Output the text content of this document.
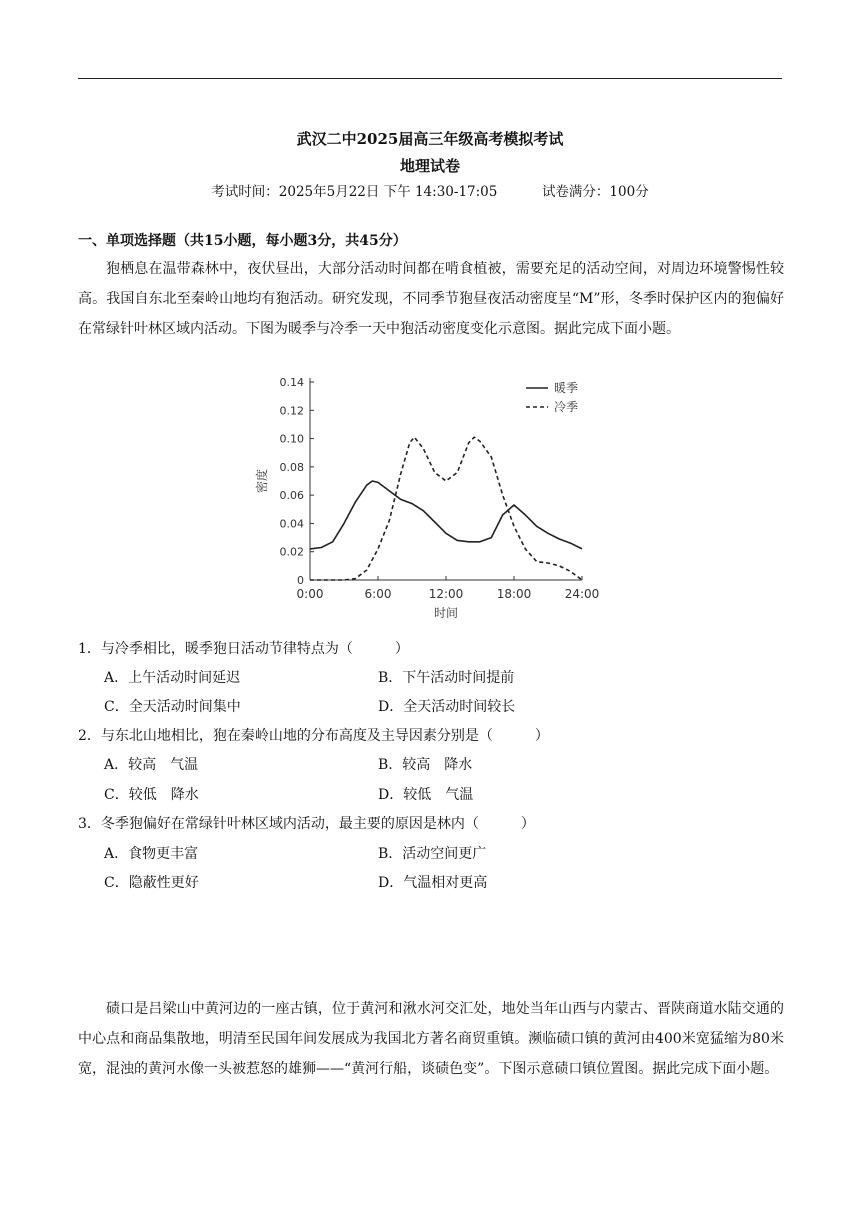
武汉二中2025届高三年级高考模拟考试
地理试卷
考试时间：2025年5月22日 下午 14:30-17:05	试卷满分：100分
一、单项选择题（共15小题，每小题3分，共45分）

狍栖息在温带森林中，夜伏昼出，大部分活动时间都在啃食植被，需要充足的活动空间，对周边环境警惕性较高。我国自东北至秦岭山地均有狍活动。研究发现，不同季节狍昼夜活动密度呈“M”形，冬季时保护区内的狍偏好在常绿针叶林区域内活动。下图为暖季与冷季一天中狍活动密度变化示意图。据此完成下面小题。

0
0.02
0.04
0.06
0.08
0.10
0.12
0.14
0:00	6:00	12:00	18:00	24:00
时间
密度
暖季
冷季
1．与冷季相比，暖季狍日活动节律特点为（　　　）
A．上午活动时间延迟	B．下午活动时间提前
C．全天活动时间集中	D．全天活动时间较长
2．与东北山地相比，狍在秦岭山地的分布高度及主导因素分别是（　　　）
A．较高　气温	B．较高　降水
C．较低　降水	D．较低　气温
3．冬季狍偏好在常绿针叶林区域内活动，最主要的原因是林内（　　　）
A．食物更丰富	B．活动空间更广
C．隐蔽性更好	D．气温相对更高

碛口是吕梁山中黄河边的一座古镇，位于黄河和湫水河交汇处，地处当年山西与内蒙古、晋陕商道水陆交通的中心点和商品集散地，明清至民国年间发展成为我国北方著名商贸重镇。濒临碛口镇的黄河由400米宽猛缩为80米宽，混浊的黄河水像一头被惹怒的雄狮——“黄河行船，谈碛色变”。下图示意碛口镇位置图。据此完成下面小题。
